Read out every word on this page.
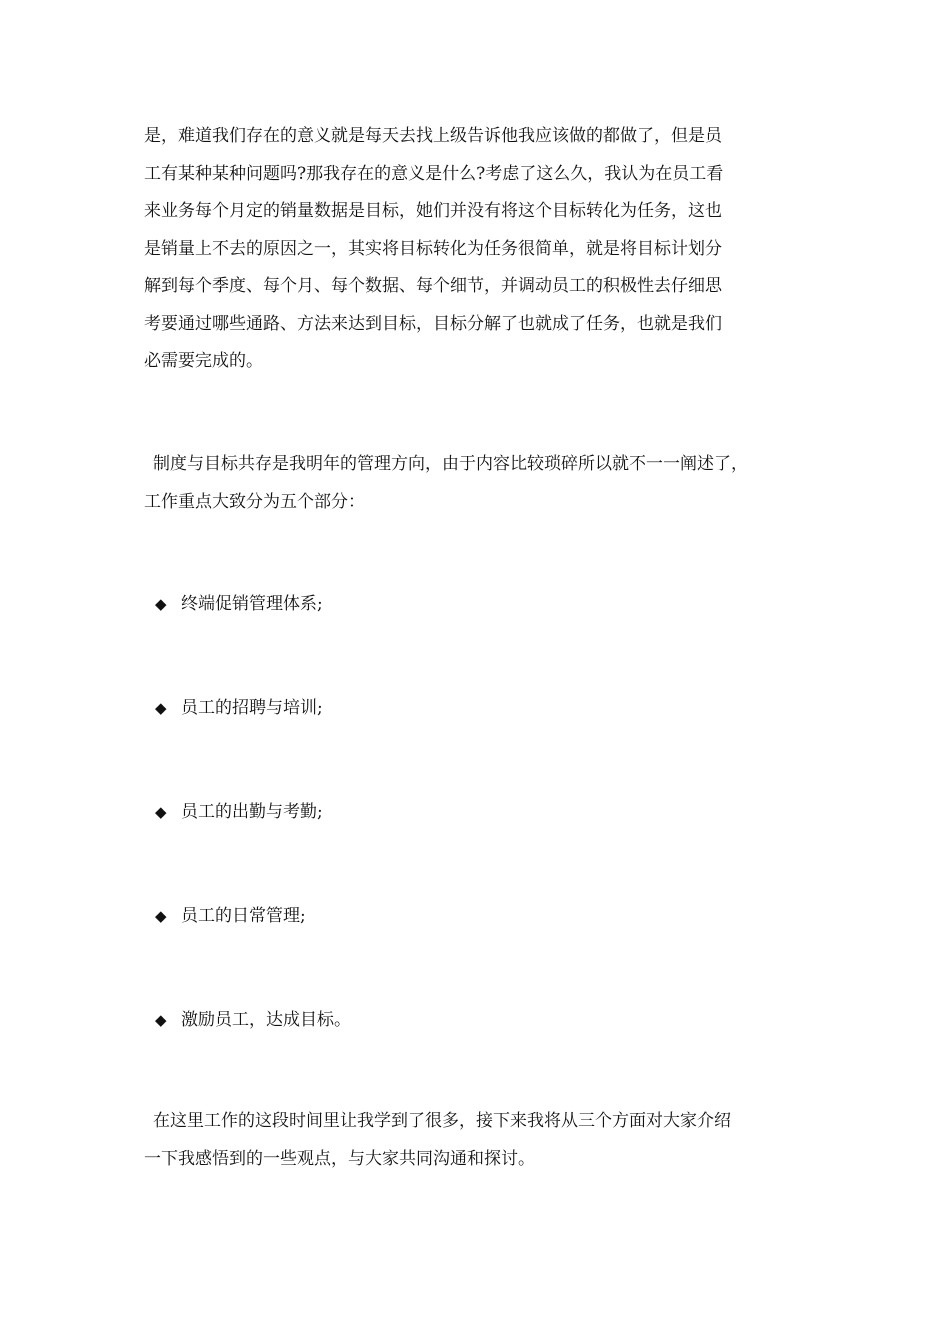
是，难道我们存在的意义就是每天去找上级告诉他我应该做的都做了，但是员
工有某种某种问题吗?那我存在的意义是什么?考虑了这么久，我认为在员工看
来业务每个月定的销量数据是目标，她们并没有将这个目标转化为任务，这也
是销量上不去的原因之一，其实将目标转化为任务很简单，就是将目标计划分
解到每个季度、每个月、每个数据、每个细节，并调动员工的积极性去仔细思
考要通过哪些通路、方法来达到目标，目标分解了也就成了任务，也就是我们
必需要完成的。
制度与目标共存是我明年的管理方向，由于内容比较琐碎所以就不一一阐述了，
工作重点大致分为五个部分：
◆ 终端促销管理体系;
◆ 员工的招聘与培训;
◆ 员工的出勤与考勤;
◆ 员工的日常管理;
◆ 激励员工，达成目标。
在这里工作的这段时间里让我学到了很多，接下来我将从三个方面对大家介绍
一下我感悟到的一些观点，与大家共同沟通和探讨。
